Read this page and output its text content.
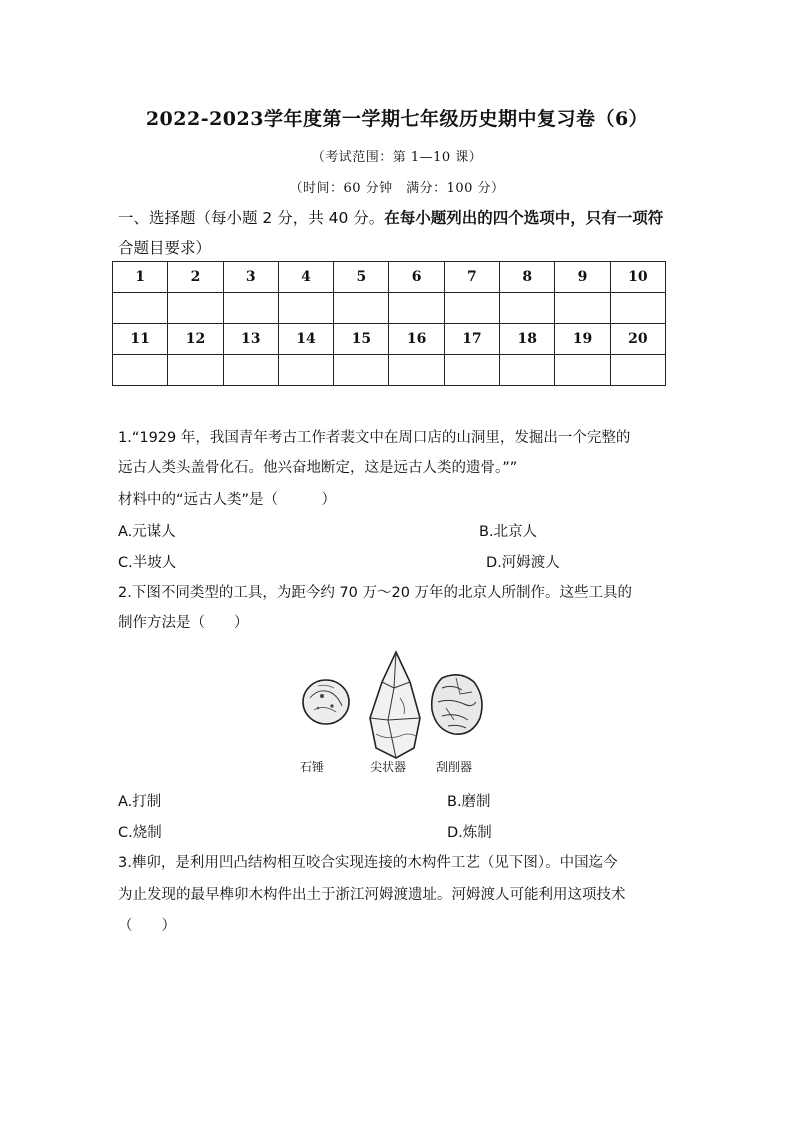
2022-2023学年度第一学期七年级历史期中复习卷（6）
（考试范围：第 1—10 课）
（时间：60 分钟　满分：100 分）
一、选择题（每小题 2 分，共 40 分。在每小题列出的四个选项中，只有一项符
合题目要求）
1	2	3	4	5	6	7	8	9	10

11	12	13	14	15	16	17	18	19	20

1.“1929 年，我国青年考古工作者裴文中在周口店的山洞里，发掘出一个完整的
远古人类头盖骨化石。他兴奋地断定，这是远古人类的遗骨。””
材料中的“远古人类”是（　　　）
A.元谋人	B.北京人
C.半坡人	D.河姆渡人
2.下图不同类型的工具，为距今约 70 万～20 万年的北京人所制作。这些工具的
制作方法是（　　）
石锤	尖状器 刮削器
A.打制	B.磨制
C.烧制	D.炼制
3.榫卯，是利用凹凸结构相互咬合实现连接的木构件工艺（见下图）。中国迄今
为止发现的最早榫卯木构件出土于浙江河姆渡遗址。河姆渡人可能利用这项技术
（　　）
